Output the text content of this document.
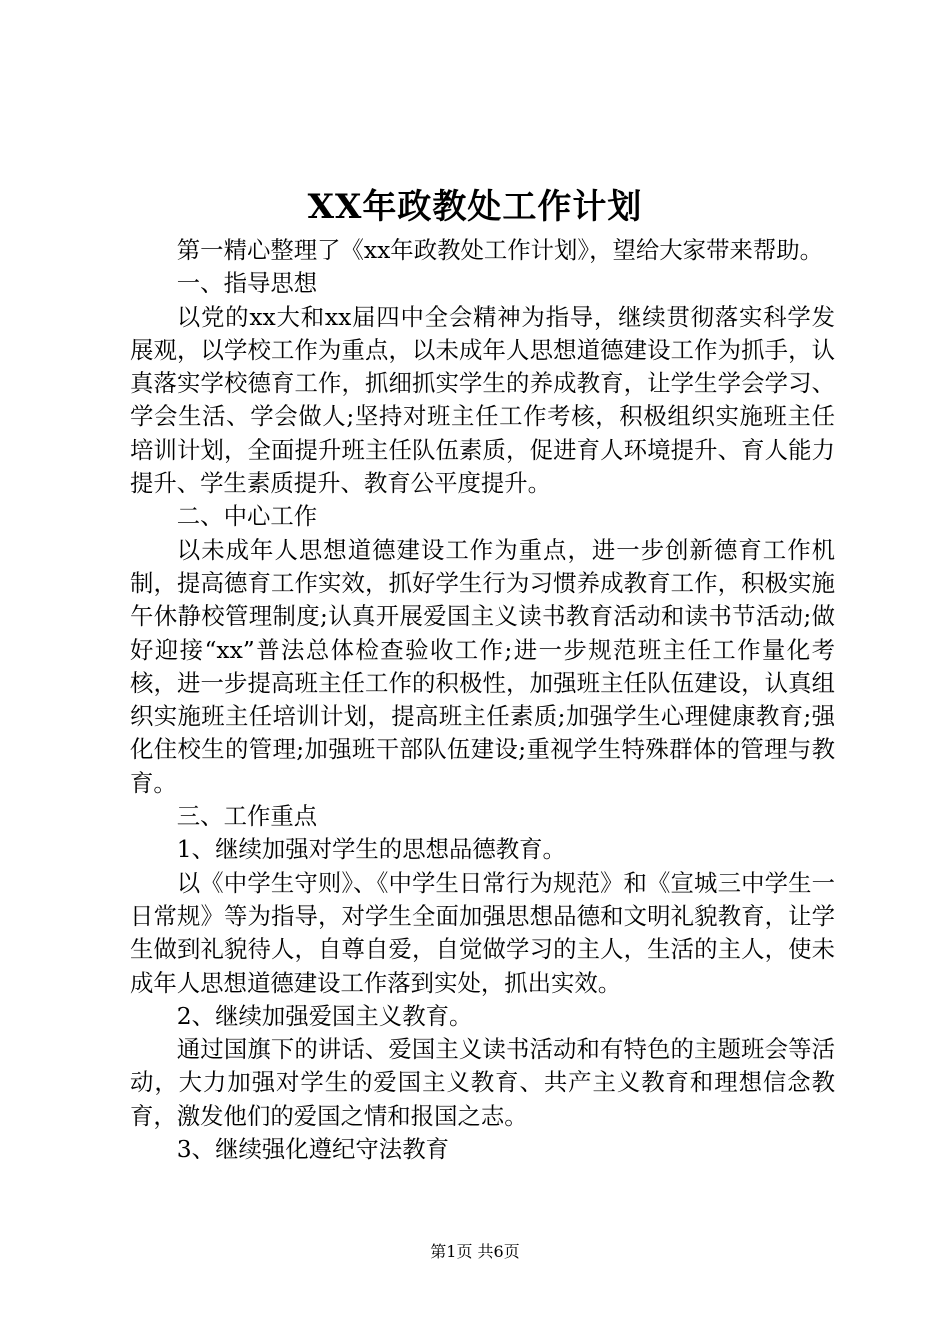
XX年政教处工作计划

第一精心整理了《xx年政教处工作计划》，望给大家带来帮助。

一、指导思想

以党的xx大和xx届四中全会精神为指导，继续贯彻落实科学发展观，以学校工作为重点，以未成年人思想道德建设工作为抓手，认真落实学校德育工作，抓细抓实学生的养成教育，让学生学会学习、学会生活、学会做人;坚持对班主任工作考核，积极组织实施班主任培训计划，全面提升班主任队伍素质，促进育人环境提升、育人能力提升、学生素质提升、教育公平度提升。

二、中心工作

以未成年人思想道德建设工作为重点，进一步创新德育工作机制，提高德育工作实效，抓好学生行为习惯养成教育工作，积极实施午休静校管理制度;认真开展爱国主义读书教育活动和读书节活动;做好迎接“xx”普法总体检查验收工作;进一步规范班主任工作量化考核，进一步提高班主任工作的积极性，加强班主任队伍建设，认真组织实施班主任培训计划，提高班主任素质;加强学生心理健康教育;强化住校生的管理;加强班干部队伍建设;重视学生特殊群体的管理与教育。

三、工作重点

1、继续加强对学生的思想品德教育。

以《中学生守则》、《中学生日常行为规范》和《宣城三中学生一日常规》等为指导，对学生全面加强思想品德和文明礼貌教育，让学生做到礼貌待人，自尊自爱，自觉做学习的主人，生活的主人，使未成年人思想道德建设工作落到实处，抓出实效。

2、继续加强爱国主义教育。

通过国旗下的讲话、爱国主义读书活动和有特色的主题班会等活动，大力加强对学生的爱国主义教育、共产主义教育和理想信念教育，激发他们的爱国之情和报国之志。

3、继续强化遵纪守法教育

第1页 共6页
